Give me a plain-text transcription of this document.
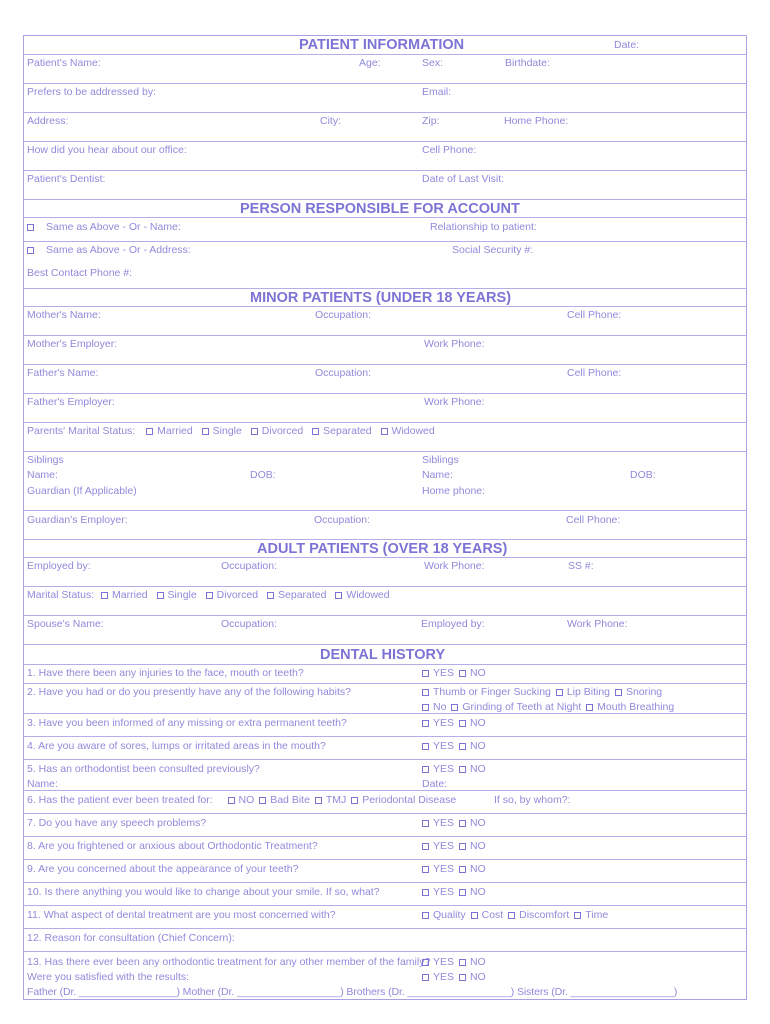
PATIENT INFORMATION	Date:
Patient's Name:	Age:	Sex:	Birthdate:
Prefers to be addressed by:	Email:
Address:	City:	Zip:	Home Phone:
How did you hear about our office:	Cell Phone:
Patient's Dentist:	Date of Last Visit:
PERSON RESPONSIBLE FOR ACCOUNT
Same as Above - Or - Name:	Relationship to patient:
Same as Above - Or - Address:	Social Security #:
Best Contact Phone #:
MINOR PATIENTS (UNDER 18 YEARS)
Mother's Name:	Occupation:	Cell Phone:
Mother's Employer:	Work Phone:
Father's Name:	Occupation:	Cell Phone:
Father's Employer:	Work Phone:
Parents' Marital Status: Married Single Divorced Separated Widowed
Siblings
Name:	DOB:
Siblings
Name:	DOB:
Guardian (If Applicable)	Home phone:
Guardian's Employer:	Occupation:	Cell Phone:
ADULT PATIENTS (OVER 18 YEARS)
Employed by:	Occupation:	Work Phone:	SS #:
Marital Status: Married Single Divorced Separated Widowed
Spouse's Name:	Occupation:	Employed by:	Work Phone:
DENTAL HISTORY
1. Have there been any injuries to the face, mouth or teeth?	YES NO
2. Have you had or do you presently have any of the following habits?	Thumb or Finger Sucking Lip Biting Snoring
No Grinding of Teeth at Night Mouth Breathing
3. Have you been informed of any missing or extra permanent teeth?	YES NO
4. Are you aware of sores, lumps or irritated areas in the mouth?	YES NO
5. Has an orthodontist been consulted previously?	YES NO
Name:	Date:
6. Has the patient ever been treated for: NO Bad Bite TMJ Periodontal Disease	If so, by whom?:
7. Do you have any speech problems?	YES NO
8. Are you frightened or anxious about Orthodontic Treatment?	YES NO
9. Are you concerned about the appearance of your teeth?	YES NO
10. Is there anything you would like to change about your smile. If so, what?	YES NO
11. What aspect of dental treatment are you most concerned with?	Quality Cost Discomfort Time
12. Reason for consultation (Chief Concern):
13. Has there ever been any orthodontic treatment for any other member of the family? YES NO
Were you satisfied with the results:	YES NO
Father (Dr. _________________) Mother (Dr. __________________) Brothers (Dr. __________________) Sisters (Dr. __________________)
